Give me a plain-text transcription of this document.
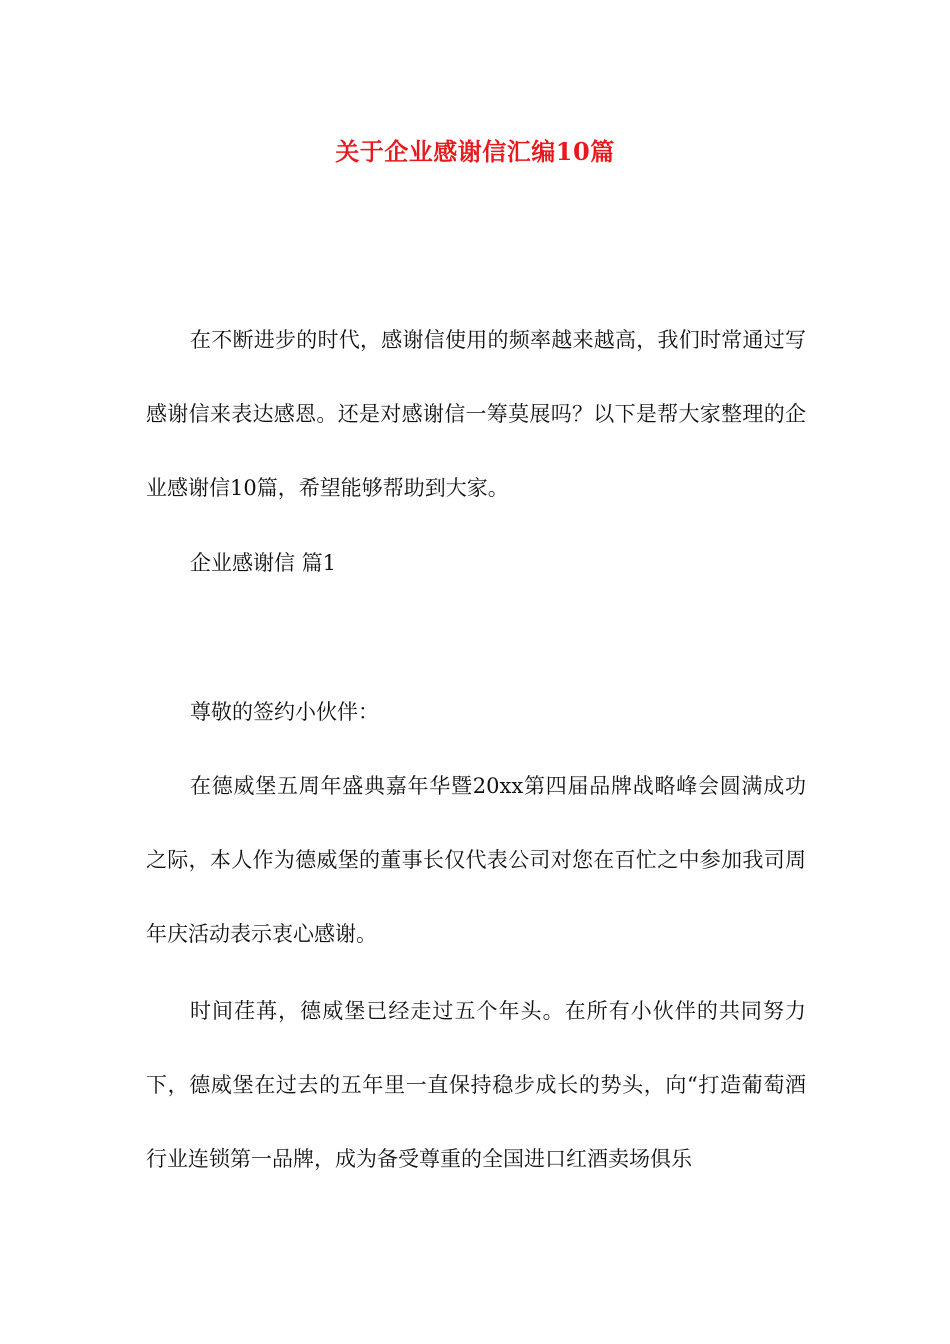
关于企业感谢信汇编10篇

在不断进步的时代，感谢信使用的频率越来越高，我们时常通过写感谢信来表达感恩。还是对感谢信一筹莫展吗？以下是帮大家整理的企业感谢信10篇，希望能够帮助到大家。

企业感谢信 篇1

尊敬的签约小伙伴：

在德威堡五周年盛典嘉年华暨20xx第四届品牌战略峰会圆满成功之际，本人作为德威堡的董事长仅代表公司对您在百忙之中参加我司周年庆活动表示衷心感谢。

时间荏苒，德威堡已经走过五个年头。在所有小伙伴的共同努力下，德威堡在过去的五年里一直保持稳步成长的势头，向“打造葡萄酒行业连锁第一品牌，成为备受尊重的全国进口红酒卖场俱乐
